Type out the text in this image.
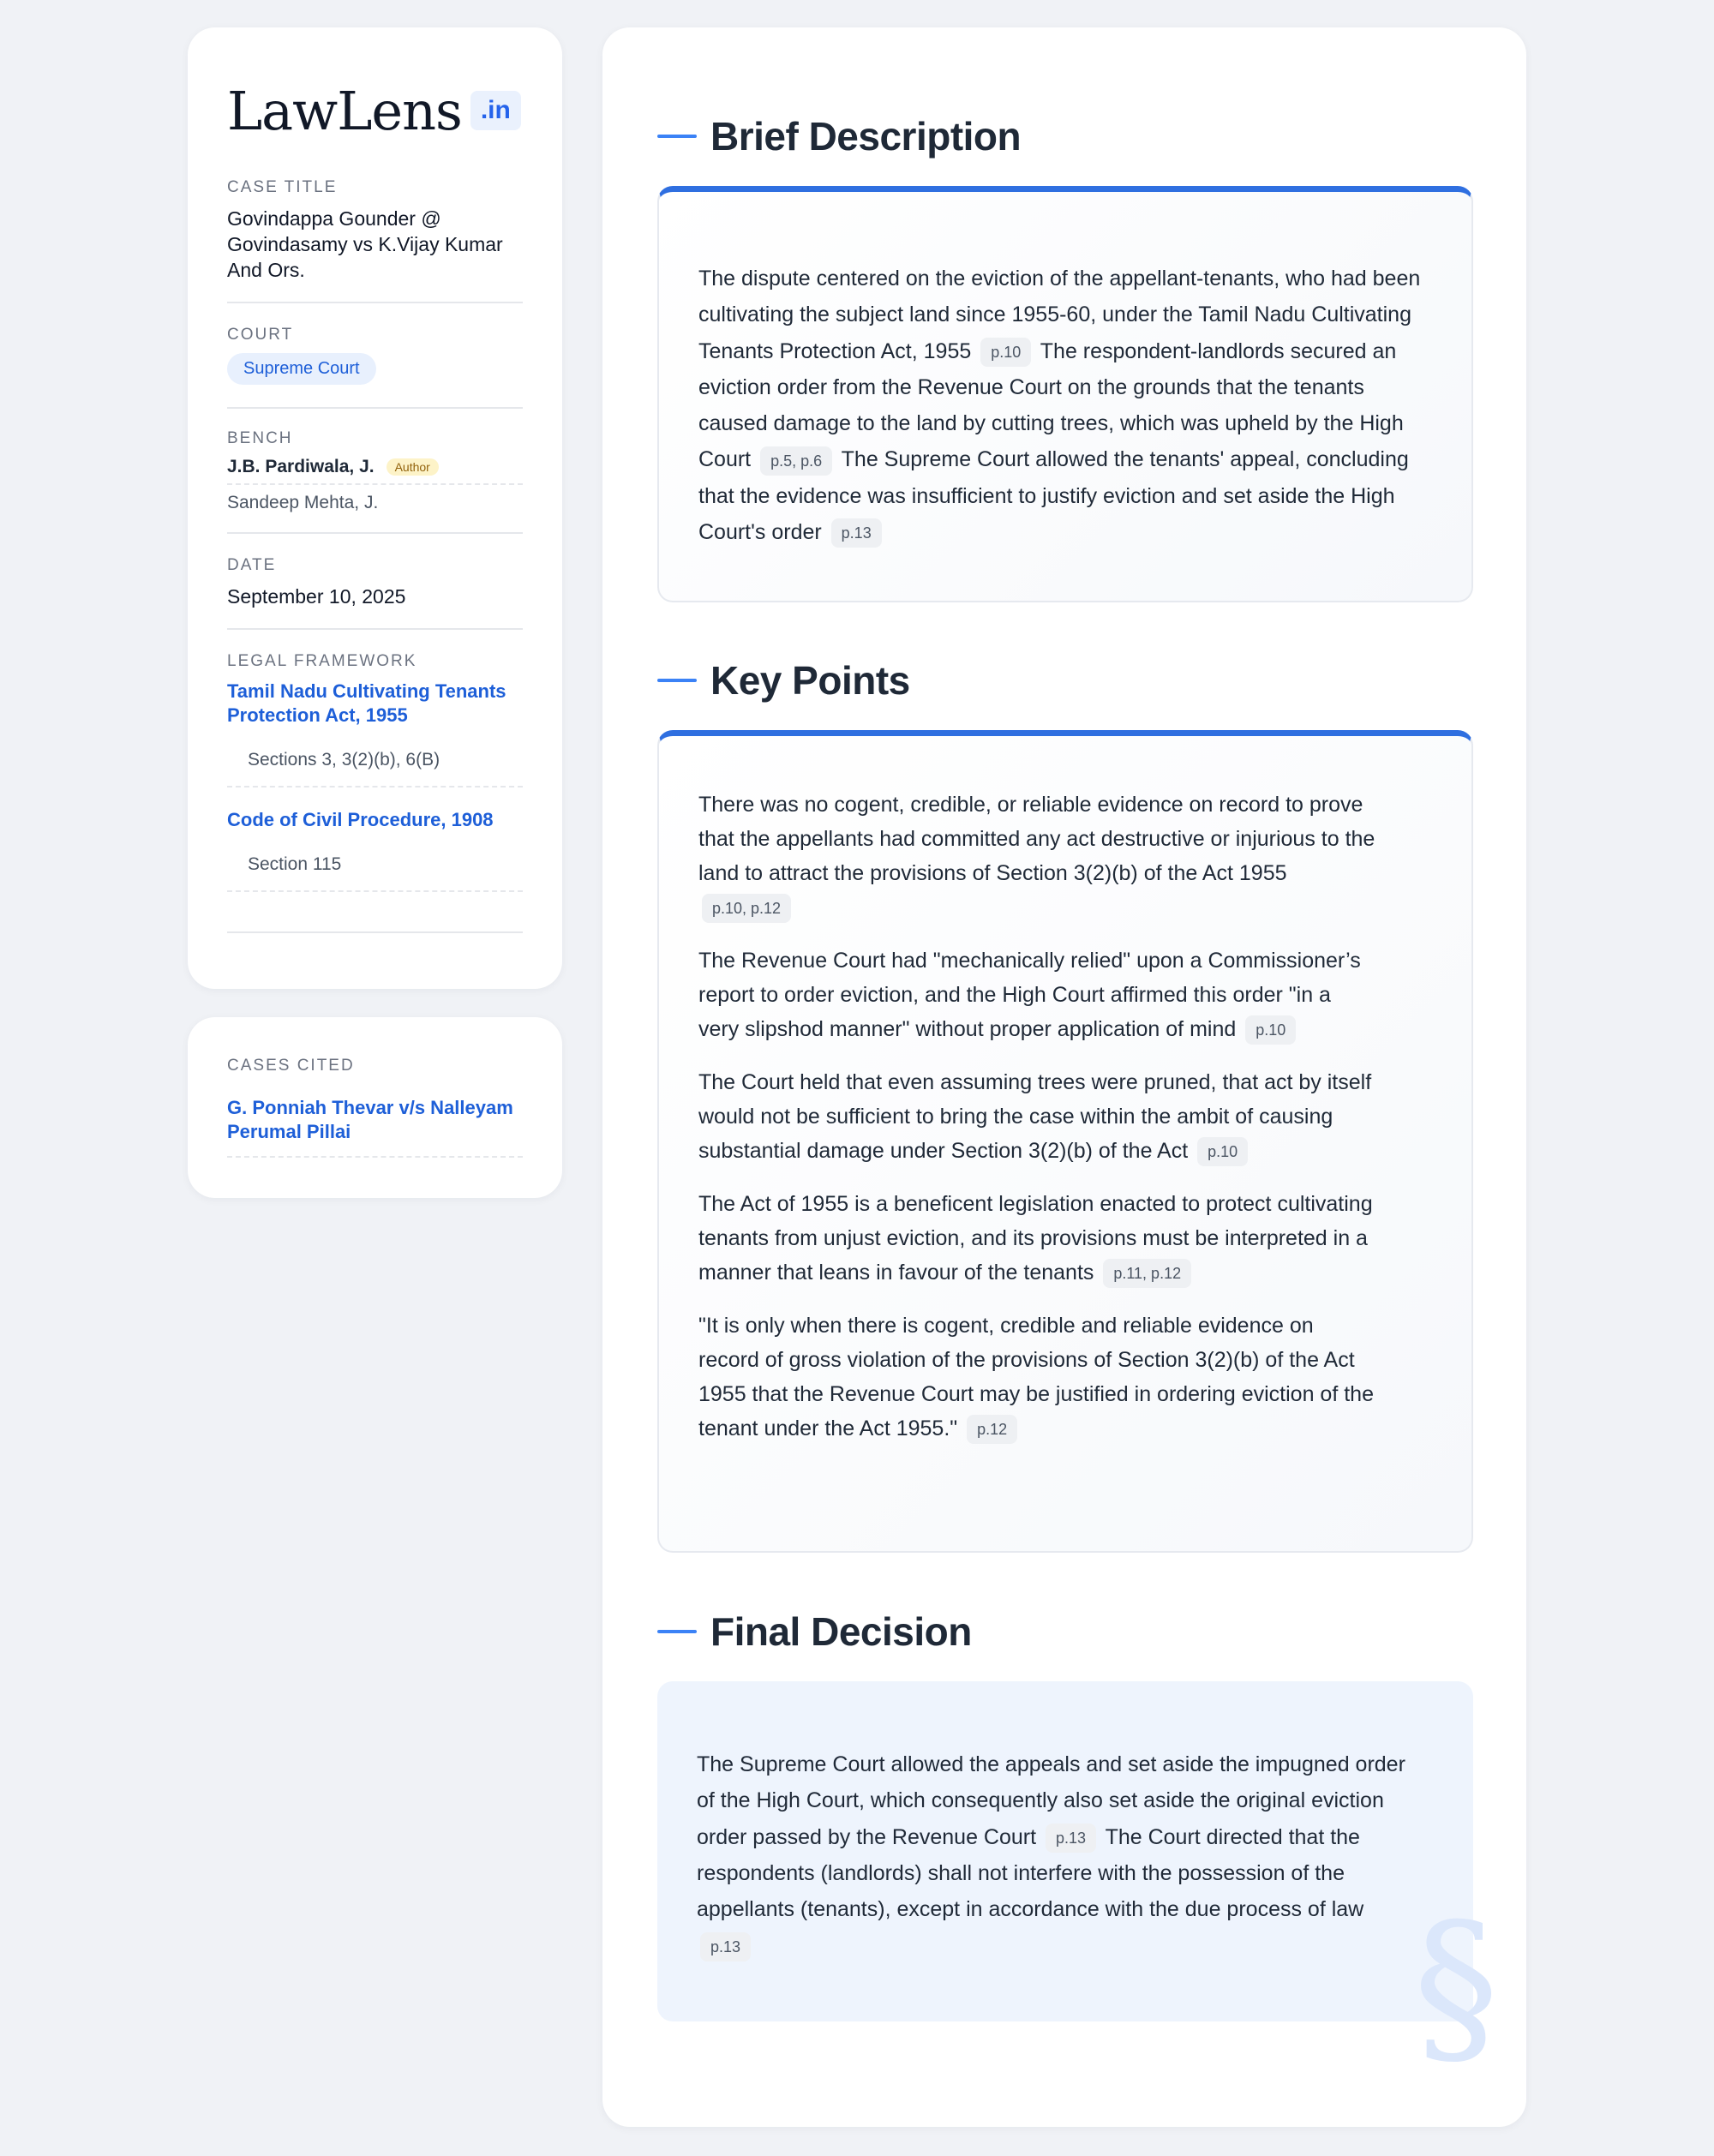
LawLens .in
CASE TITLE
Govindappa Gounder @ Govindasamy vs K.Vijay Kumar And Ors.
COURT
Supreme Court
BENCH
J.B. Pardiwala, J.	Author
Sandeep Mehta, J.
DATE
September 10, 2025
LEGAL FRAMEWORK
Tamil Nadu Cultivating Tenants Protection Act, 1955
Sections 3, 3(2)(b), 6(B)
Code of Civil Procedure, 1908
Section 115
CASES CITED
G. Ponniah Thevar v/s Nalleyam Perumal Pillai
Brief Description

The dispute centered on the eviction of the appellant-tenants, who had been cultivating the subject land since 1955-60, under the Tamil Nadu Cultivating Tenants Protection Act, 1955 p.10 The respondent-landlords secured an eviction order from the Revenue Court on the grounds that the tenants caused damage to the land by cutting trees, which was upheld by the High Court p.5, p.6 The Supreme Court allowed the tenants' appeal, concluding that the evidence was insufficient to justify eviction and set aside the High Court's order p.13

Key Points
There was no cogent, credible, or reliable evidence on record to prove that the appellants had committed any act destructive or injurious to the land to attract the provisions of Section 3(2)(b) of the Act 1955 p.10, p.12
The Revenue Court had "mechanically relied" upon a Commissioner’s report to order eviction, and the High Court affirmed this order "in a very slipshod manner" without proper application of mind p.10
The Court held that even assuming trees were pruned, that act by itself would not be sufficient to bring the case within the ambit of causing substantial damage under Section 3(2)(b) of the Act p.10
The Act of 1955 is a beneficent legislation enacted to protect cultivating tenants from unjust eviction, and its provisions must be interpreted in a manner that leans in favour of the tenants p.11, p.12
"It is only when there is cogent, credible and reliable evidence on record of gross violation of the provisions of Section 3(2)(b) of the Act 1955 that the Revenue Court may be justified in ordering eviction of the tenant under the Act 1955." p.12
Final Decision

The Supreme Court allowed the appeals and set aside the impugned order of the High Court, which consequently also set aside the original eviction order passed by the Revenue Court p.13 The Court directed that the respondents (landlords) shall not interfere with the possession of the appellants (tenants), except in accordance with the due process of law p.13	§
